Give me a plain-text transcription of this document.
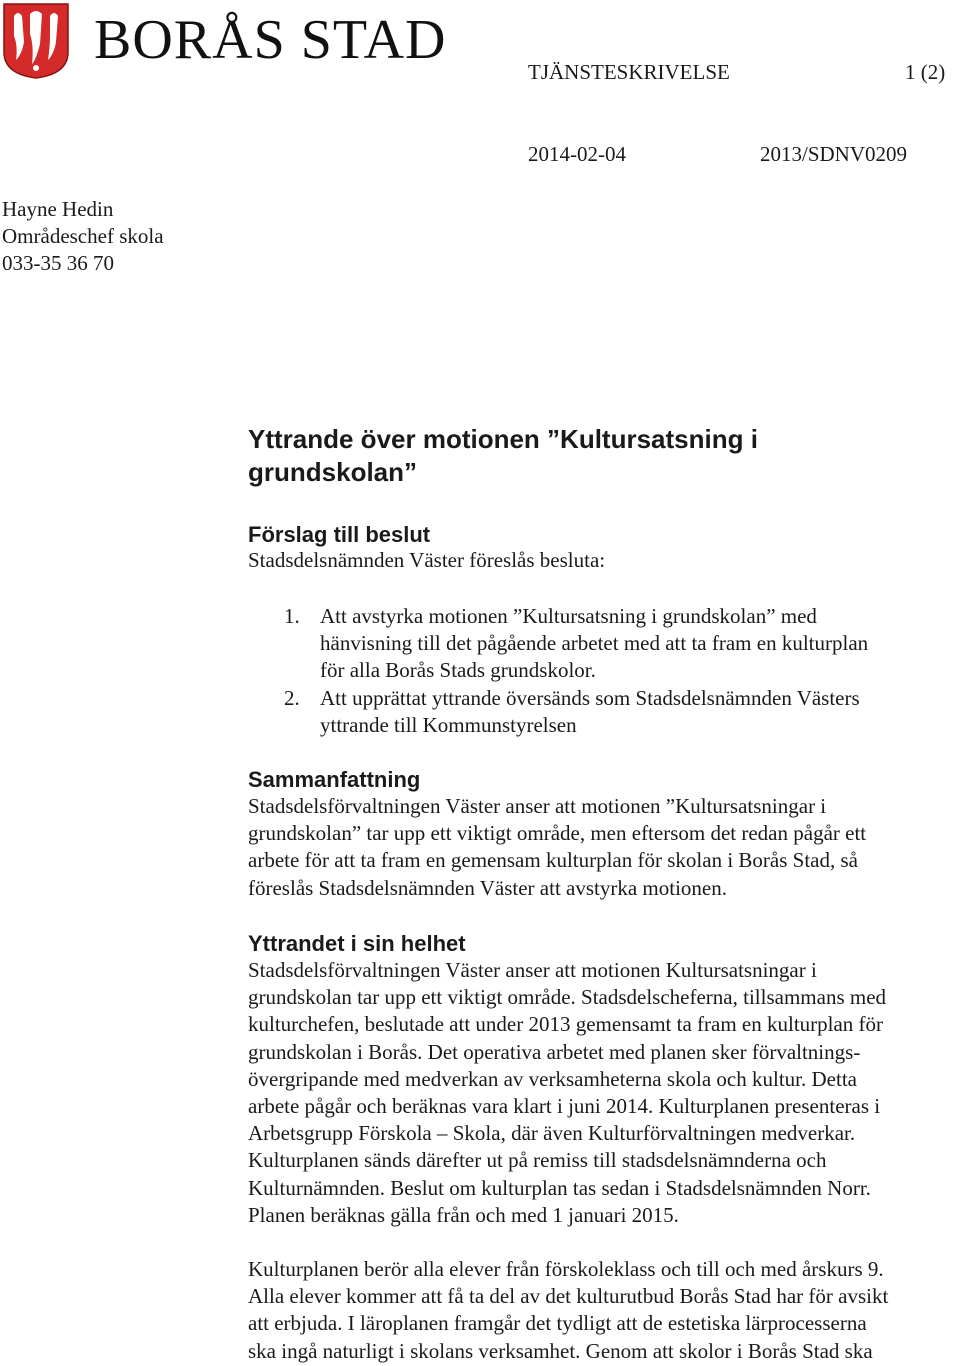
BORÅS STAD
TJÄNSTESKRIVELSE	1 (2)
2014-02-04	2013/SDNV0209
Hayne Hedin
Områdeschef skola
033-35 36 70
Yttrande över motionen ”Kultursatsning i
grundskolan”
Förslag till beslut
Stadsdelsnämnden Väster föreslås besluta:
1. Att avstyrka motionen ”Kultursatsning i grundskolan” med
hänvisning till det pågående arbetet med att ta fram en kulturplan
för alla Borås Stads grundskolor.
2. Att upprättat yttrande översänds som Stadsdelsnämnden Västers
yttrande till Kommunstyrelsen
Sammanfattning
Stadsdelsförvaltningen Väster anser att motionen ”Kultursatsningar i
grundskolan” tar upp ett viktigt område, men eftersom det redan pågår ett
arbete för att ta fram en gemensam kulturplan för skolan i Borås Stad, så
föreslås Stadsdelsnämnden Väster att avstyrka motionen.
Yttrandet i sin helhet
Stadsdelsförvaltningen Väster anser att motionen Kultursatsningar i
grundskolan tar upp ett viktigt område. Stadsdelscheferna, tillsammans med
kulturchefen, beslutade att under 2013 gemensamt ta fram en kulturplan för
grundskolan i Borås. Det operativa arbetet med planen sker förvaltnings-
övergripande med medverkan av verksamheterna skola och kultur. Detta
arbete pågår och beräknas vara klart i juni 2014. Kulturplanen presenteras i
Arbetsgrupp Förskola – Skola, där även Kulturförvaltningen medverkar.
Kulturplanen sänds därefter ut på remiss till stadsdelsnämnderna och
Kulturnämnden. Beslut om kulturplan tas sedan i Stadsdelsnämnden Norr.
Planen beräknas gälla från och med 1 januari 2015.
Kulturplanen berör alla elever från förskoleklass och till och med årskurs 9.
Alla elever kommer att få ta del av det kulturutbud Borås Stad har för avsikt
att erbjuda. I läroplanen framgår det tydligt att de estetiska lärprocesserna
ska ingå naturligt i skolans verksamhet. Genom att skolor i Borås Stad ska
